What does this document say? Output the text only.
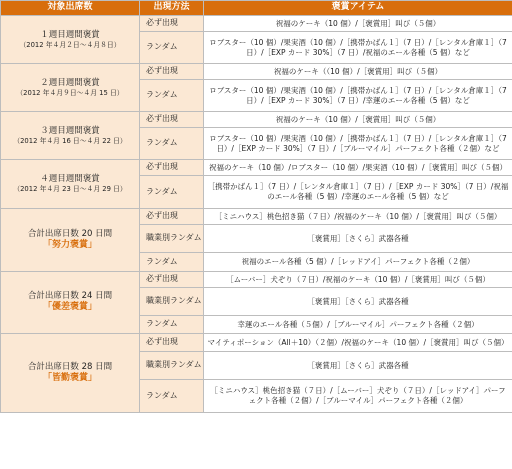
対象出席数	出現方法	褒賞アイテム

１週目週間褒賞
（2012 年４月２日～４月８日）	必ず出現	祝福のケーキ（10 個）/［褒賞用］叫び（５個）
	ランダム	ロブスター（10 個）/果実酒（10 個）/［携帯かばん１］（7 日）/［レンタル倉庫１］（7 日）/［EXP カード 30%］（7 日）/祝福のエール各種（5 個）など

２週目週間褒賞
（2012 年４月９日～４月 15 日）	必ず出現	祝福のケーキ（（10 個）/［褒賞用］叫び（５個）
	ランダム	ロブスター（10 個）/果実酒（10 個）/［携帯かばん１］（7 日）/［レンタル倉庫１］（7 日）/［EXP カード 30%］（7 日）/幸運のエール各種（5 個）など

３週目週間褒賞
（2012 年４月 16 日～４月 22 日）	必ず出現	祝福のケーキ（10 個）/［褒賞用］叫び（５個）
	ランダム	ロブスター（10 個）/果実酒（10 個）/［携帯かばん１］（7 日）/［レンタル倉庫１］（7 日）/［EXP カード 30%］（7 日）/［ブルーマイル］パーフェクト各種（２個）など

４週目週間褒賞
（2012 年４月 23 日～４月 29 日）	必ず出現	祝福のケーキ（10 個）/ロブスター（10 個）/果実酒（10 個）/［褒賞用］叫び（５個）
	ランダム	［携帯かばん１］（7 日）/［レンタル倉庫１］（7 日）/［EXP カード 30%］（7 日）/祝福のエール各種（5 個）/幸運のエール各種（5 個）など

合計出席日数 20 日間
「努力褒賞」	必ず出現	［ミニハウス］桃色招き猫（７日）/祝福のケーキ（10 個）/［褒賞用］叫び（５個）
	職業別ランダム	［褒賞用］［さくら］武器各種
	ランダム	祝福のエール各種（5 個）/［レッドアイ］パーフェクト各種（２個）

合計出席日数 24 日間
「優差褒賞」	必ず出現	［ムーバー］犬ぞり（７日）/祝福のケーキ（10 個）/［褒賞用］叫び（５個）
	職業別ランダム	［褒賞用］［さくら］武器各種
	ランダム	幸運のエール各種（５個）/［ブルーマイル］パーフェクト各種（２個）

合計出席日数 28 日間
「皆勤褒賞」	必ず出現	マイティポーション（All＋10）（２個）/祝福のケーキ（10 個）/［褒賞用］叫び（５個）
	職業別ランダム	［褒賞用］［さくら］武器各種
	ランダム	［ミニハウス］桃色招き猫（７日）/［ムーバー］犬ぞり（７日）/［レッドアイ］パーフェクト各種（２個）/［ブルーマイル］パーフェクト各種（２個）
